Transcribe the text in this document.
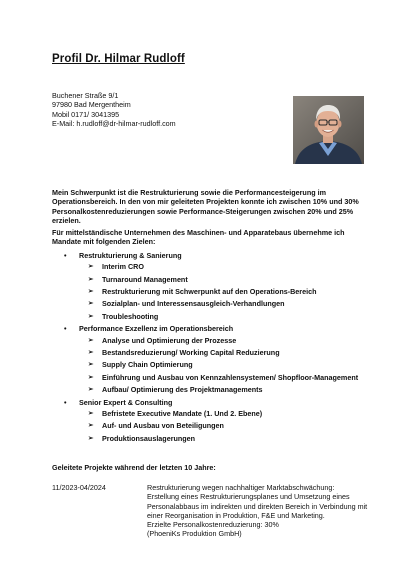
Profil Dr. Hilmar Rudloff
Buchener Straße 9/1
97980 Bad Mergentheim
Mobil 0171/ 3041395
E-Mail: h.rudloff@dr-hilmar-rudloff.com

Mein Schwerpunkt ist die Restrukturierung sowie die Performancesteigerung im Operationsbereich. In den von mir geleiteten Projekten konnte ich zwischen 10% und 30% Personalkostenreduzierungen sowie Performance-Steigerungen zwischen 20% und 25% erzielen.

Für mittelständische Unternehmen des Maschinen- und Apparatebaus übernehme ich Mandate mit folgenden Zielen:

• Restrukturierung & Sanierung
➢ Interim CRO
➢ Turnaround Management
➢ Restrukturierung mit Schwerpunkt auf den Operations-Bereich
➢ Sozialplan- und Interessensausgleich-Verhandlungen
➢ Troubleshooting
• Performance Exzellenz im Operationsbereich
➢ Analyse und Optimierung der Prozesse
➢ Bestandsreduzierung/ Working Capital Reduzierung
➢ Supply Chain Optimierung
➢ Einführung und Ausbau von Kennzahlensystemen/ Shopfloor-Management
➢ Aufbau/ Optimierung des Projektmanagements
• Senior Expert & Consulting
➢ Befristete Executive Mandate (1. Und 2. Ebene)
➢ Auf- und Ausbau von Beteiligungen
➢ Produktionsauslagerungen
Geleitete Projekte während der letzten 10 Jahre:
11/2023-04/2024	Restrukturierung wegen nachhaltiger Marktabschwächung:
Erstellung eines Restrukturierungsplanes und Umsetzung eines
Personalabbaus im indirekten und direkten Bereich in Verbindung mit
einer Reorganisation in Produktion, F&E und Marketing.
Erzielte Personalkostenreduzierung: 30%
(PhoeniKs Produktion GmbH)
